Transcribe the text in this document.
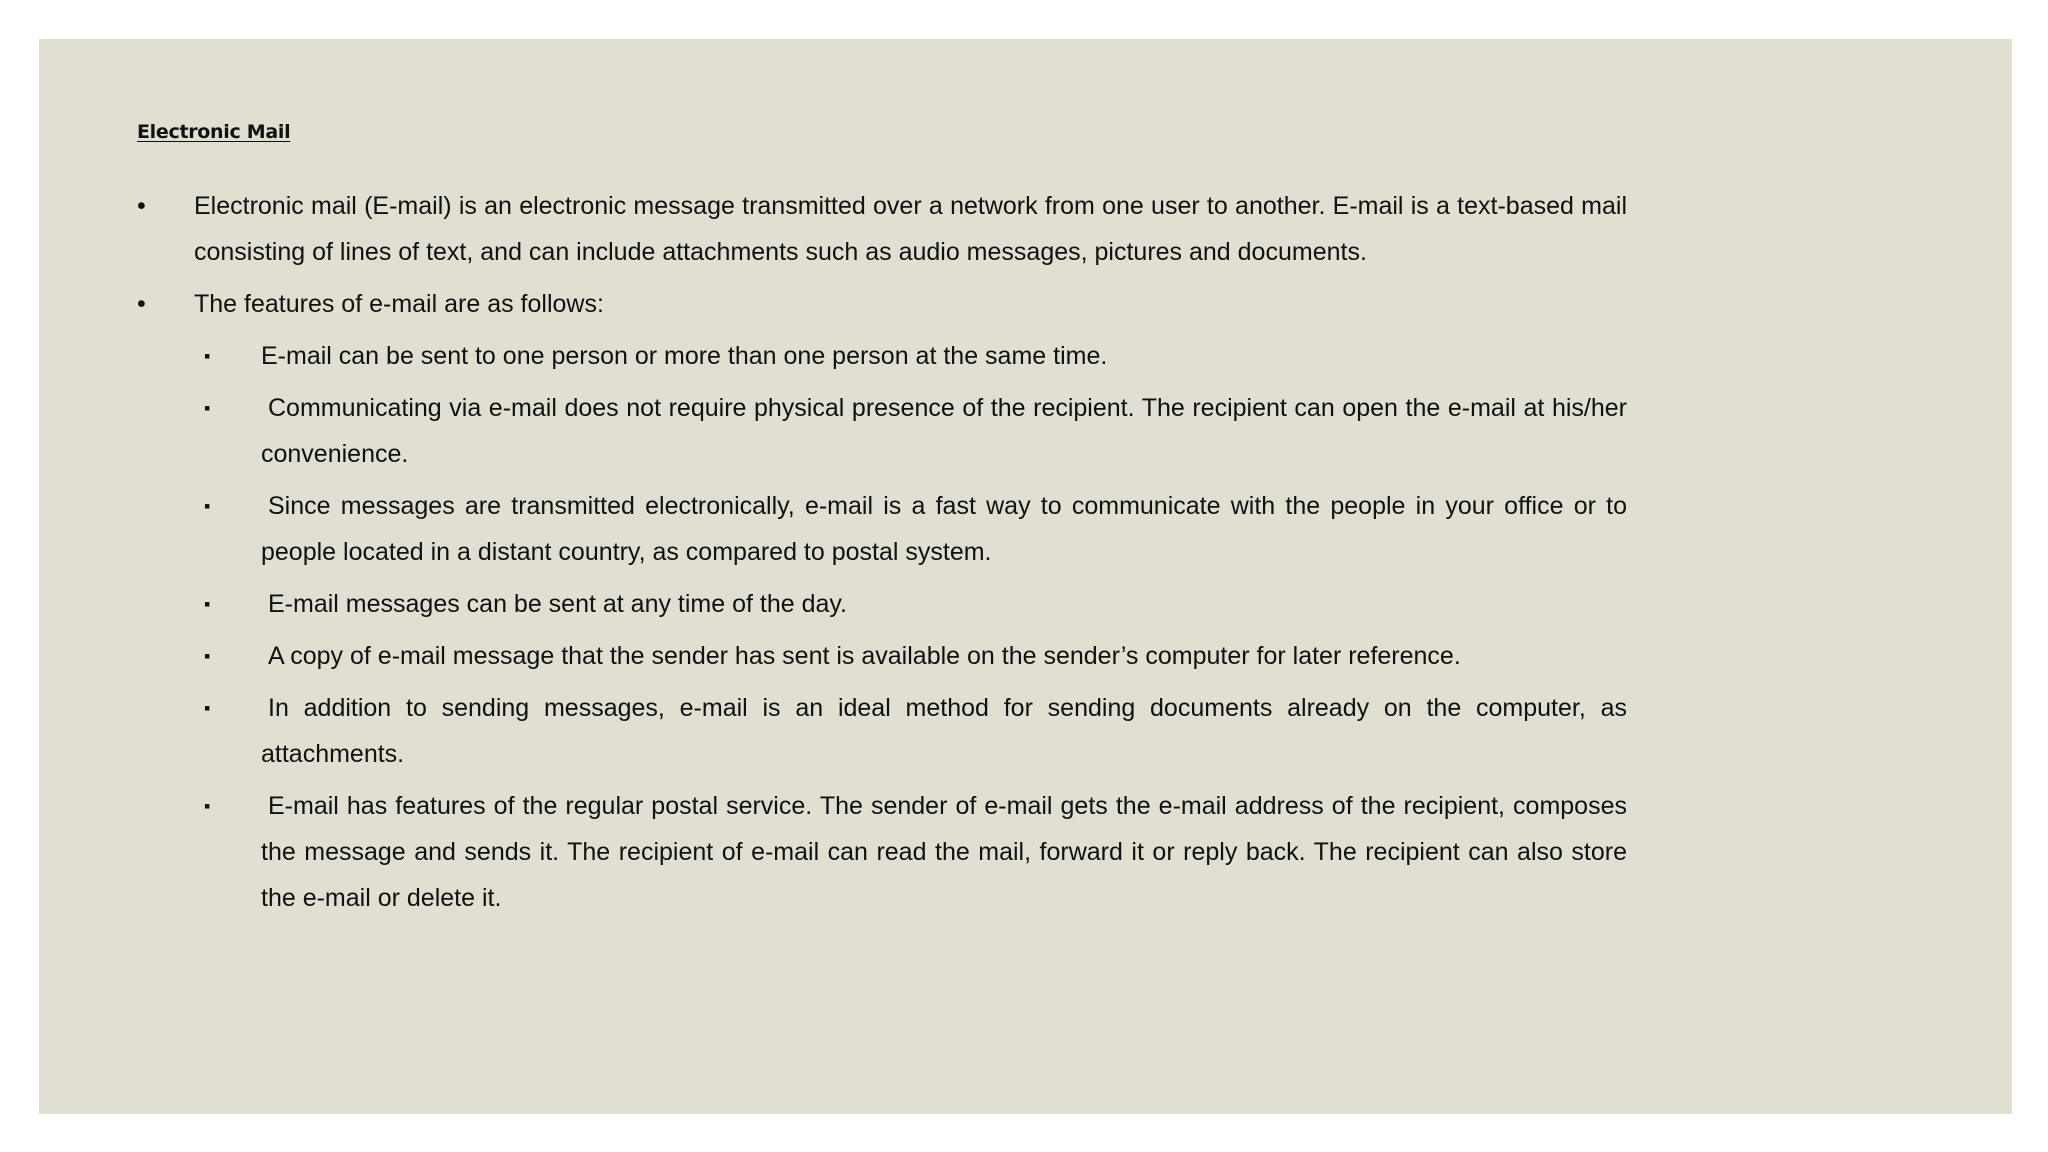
Electronic Mail
•	Electronic mail (E-mail) is an electronic message transmitted over a network from one user to another. E-mail is a text-based mail consisting of lines of text, and can include attachments such as audio messages, pictures and documents.
•	The features of e-mail are as follows:
▪	E-mail can be sent to one person or more than one person at the same time.
▪	Communicating via e-mail does not require physical presence of the recipient. The recipient can open the e-mail at his/her convenience.
▪	Since messages are transmitted electronically, e-mail is a fast way to communicate with the people in your office or to people located in a distant country, as compared to postal system.
▪	E-mail messages can be sent at any time of the day.
▪	A copy of e-mail message that the sender has sent is available on the sender’s computer for later reference.
▪	In addition to sending messages, e-mail is an ideal method for sending documents already on the computer, as attachments.
▪	E-mail has features of the regular postal service. The sender of e-mail gets the e-mail address of the recipient, composes the message and sends it. The recipient of e-mail can read the mail, forward it or reply back. The recipient can also store the e-mail or delete it.
